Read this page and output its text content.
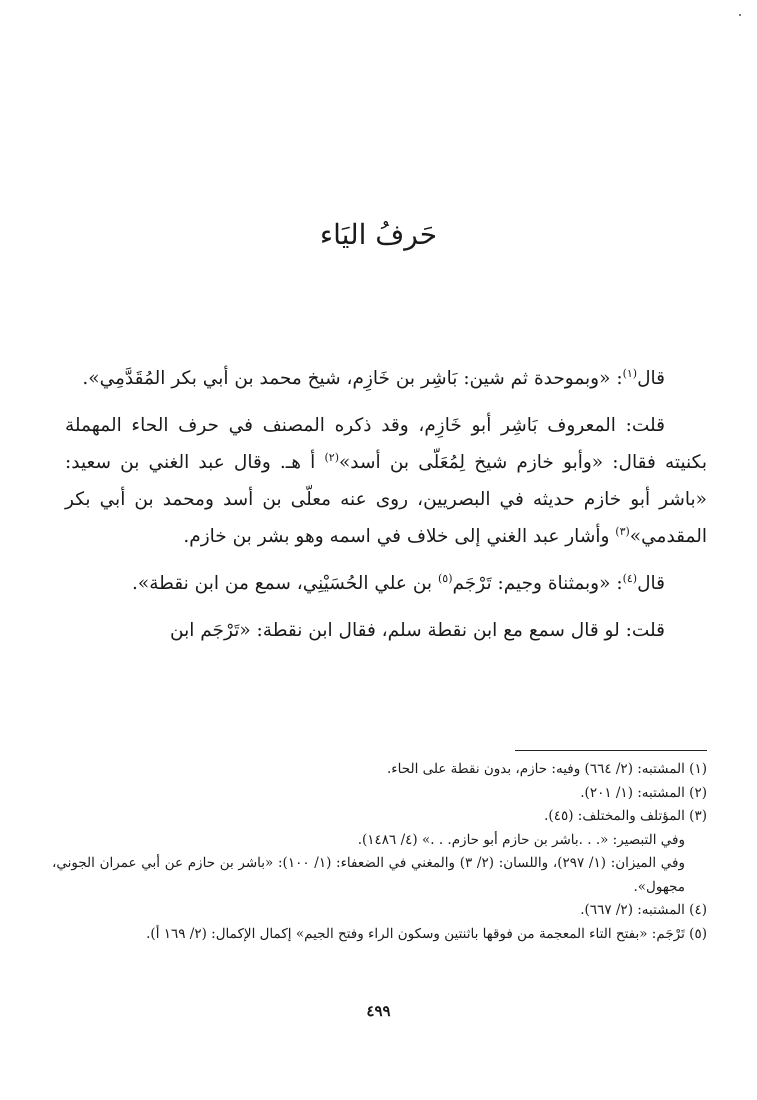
حَرفُ اليَاء

قال$^{(١)}$: «وبموحدة ثم شين: بَاشِر بن خَازِم، شيخ محمد بن أبي بكر المُقَدَّمِي».

قلت: المعروف بَاشِر أبو خَازِم، وقد ذكره المصنف في حرف الحاء المهملة بكنيته فقال: «وأبو خازم شيخ لِمُعَلّى بن أسد»$^{(٢)}$ أ هـ. وقال عبد الغني بن سعيد: «باشر أبو خازم حديثه في البصريين، روى عنه معلّى بن أسد ومحمد بن أبي بكر المقدمي»$^{(٣)}$ وأشار عبد الغني إلى خلاف في اسمه وهو بشر بن خازم.

قال$^{(٤)}$: «وبمثناة وجيم: تَرْجَم$^{(٥)}$ بن علي الحُسَيْنِي، سمع من ابن نقطة».

قلت: لو قال سمع مع ابن نقطة سلم، فقال ابن نقطة: «تَرْجَم ابن

(١) المشتبه: (٢/ ٦٦٤) وفيه: حازم، بدون نقطة على الحاء.

(٢) المشتبه: (١/ ٢٠١).

(٣) المؤتلف والمختلف: (٤٥).

وفي التبصير: «. . .باشر بن حازم أبو حازم. . .» (٤/ ١٤٨٦).

وفي الميزان: (١/ ٢٩٧)، واللسان: (٢/ ٣) والمغني في الضعفاء: (١/ ١٠٠): «باشر بن حازم عن أبي عمران الجوني، مجهول».

(٤) المشتبه: (٢/ ٦٦٧).

(٥) تَرْجَم: «بفتح التاء المعجمة من فوقها باثنتين وسكون الراء وفتح الجيم» إكمال الإكمال: (٢/ ١٦٩ أ).

٤٩٩
